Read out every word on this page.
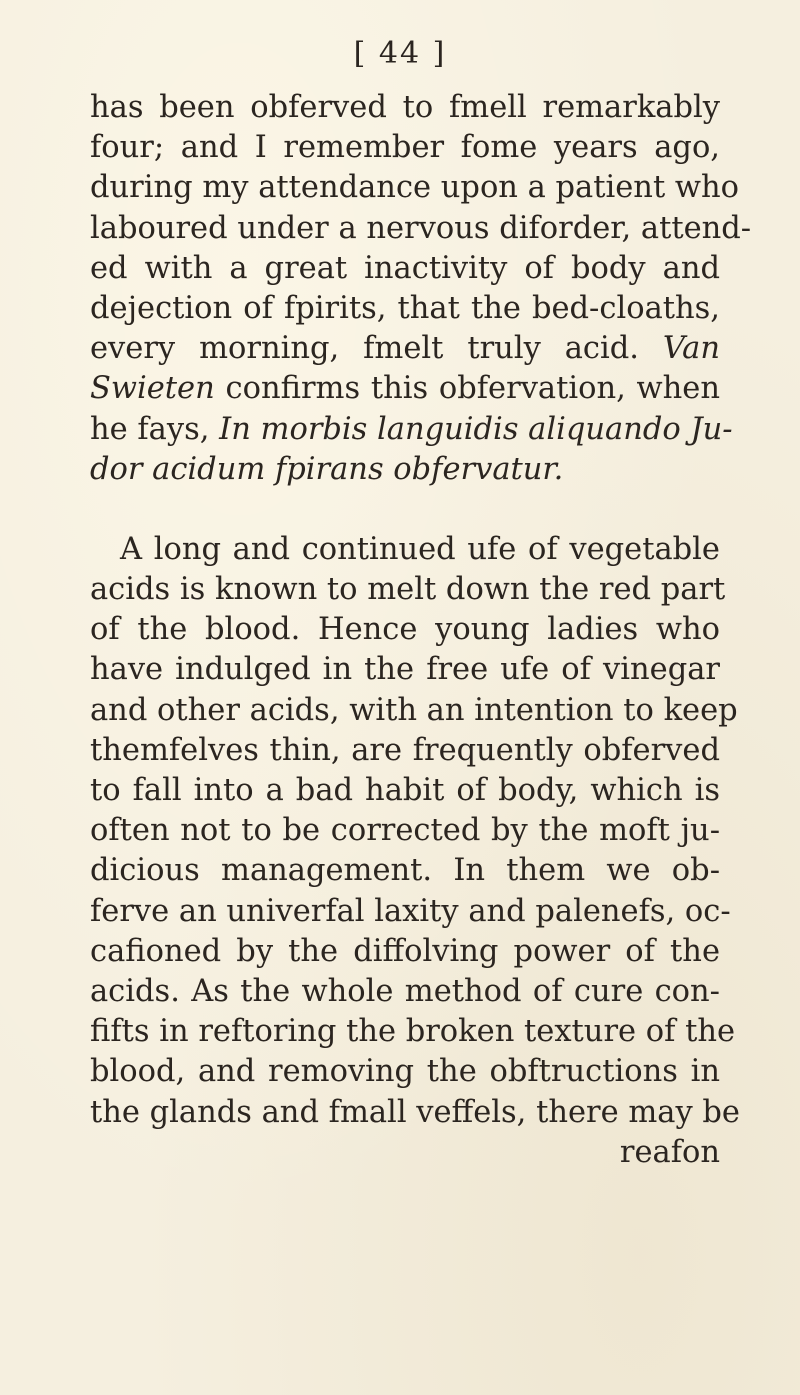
[ 44 ]
has been obferved to fmell remarkably
four; and I remember fome years ago,
during my attendance upon a patient who
laboured under a nervous diforder, attend-
ed with a great inactivity of body and
dejection of fpirits, that the bed-cloaths,
every morning, fmelt truly acid. Van
Swieten confirms this obfervation, when
he fays, In morbis languidis aliquando Ju-
dor acidum fpirans obfervatur.
A long and continued ufe of vegetable
acids is known to melt down the red part
of the blood. Hence young ladies who
have indulged in the free ufe of vinegar
and other acids, with an intention to keep
themfelves thin, are frequently obferved
to fall into a bad habit of body, which is
often not to be corrected by the moft ju-
dicious management. In them we ob-
ferve an univerfal laxity and palenefs, oc-
cafioned by the diffolving power of the
acids. As the whole method of cure con-
fifts in reftoring the broken texture of the
blood, and removing the obftructions in
the glands and fmall veffels, there may be
reafon
